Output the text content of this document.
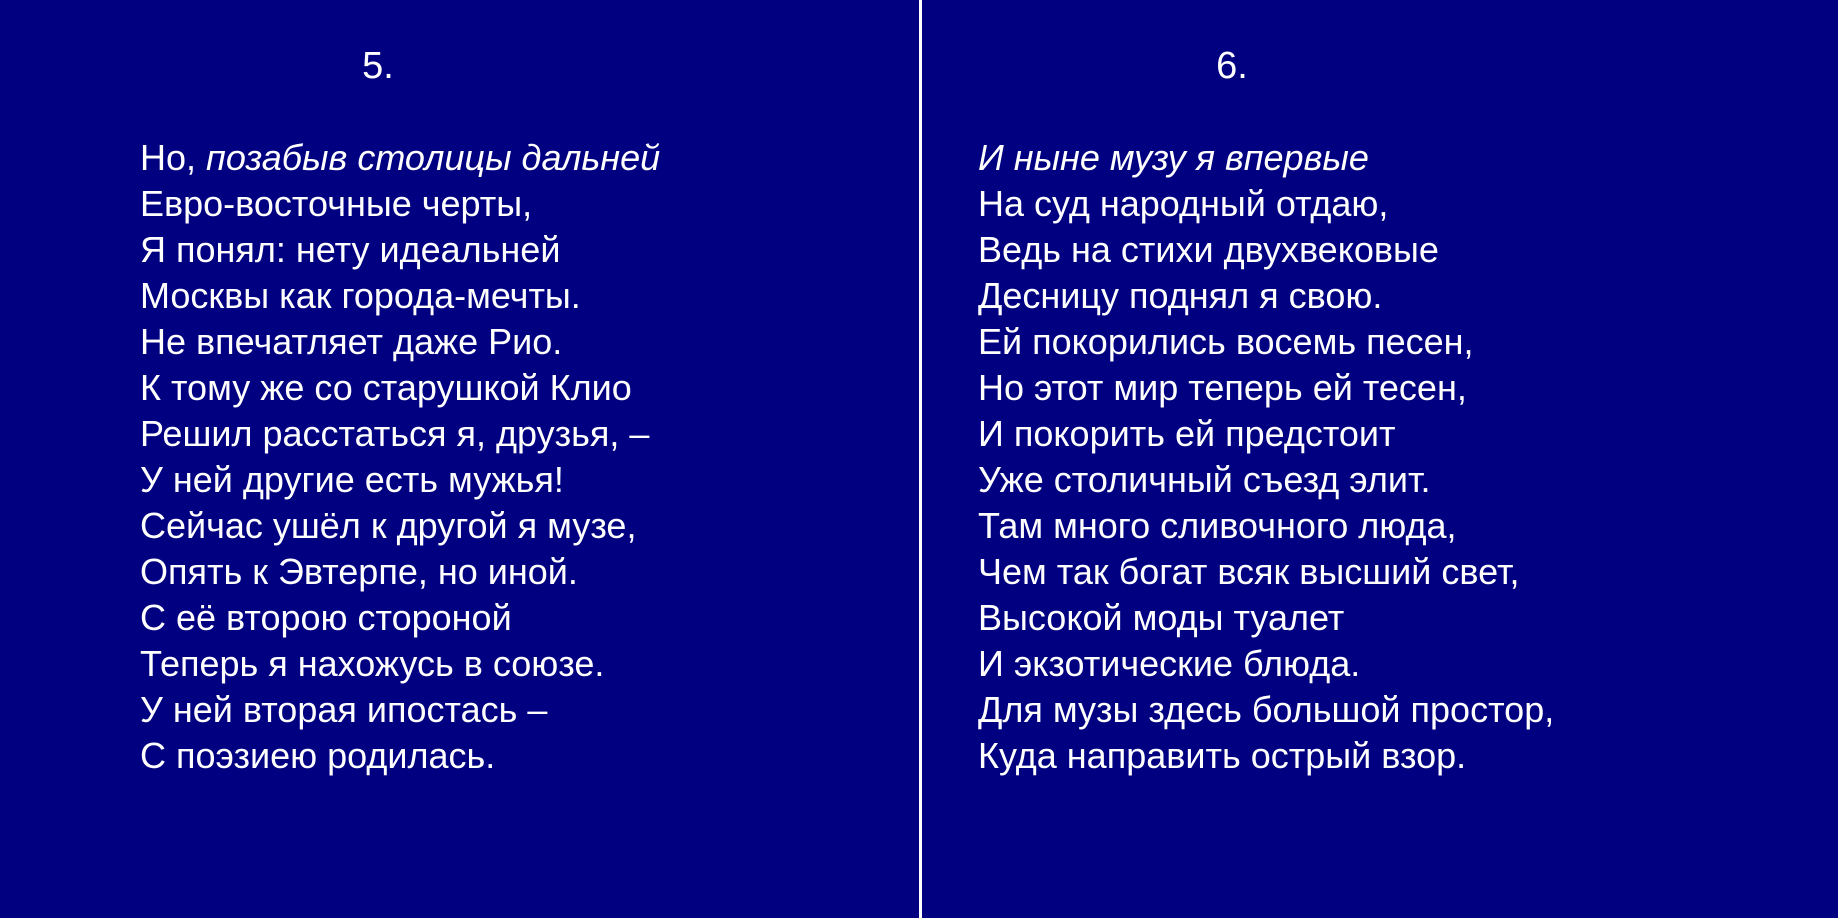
5.
Но, позабыв столицы дальней
Евро-восточные черты,
Я понял: нету идеальней
Москвы как города-мечты.
Не впечатляет даже Рио.
К тому же со старушкой Клио
Решил расстаться я, друзья, –
У ней другие есть мужья!
Сейчас ушёл к другой я музе,
Опять к Эвтерпе, но иной.
С её второю стороной
Теперь я нахожусь в союзе.
У ней вторая ипостась –
С поэзиею родилась.
6.
И ныне музу я впервые
На суд народный отдаю,
Ведь на стихи двухвековые
Десницу поднял я свою.
Ей покорились восемь песен,
Но этот мир теперь ей тесен,
И покорить ей предстоит
Уже столичный съезд элит.
Там много сливочного люда,
Чем так богат всяк высший свет,
Высокой моды туалет
И экзотические блюда.
Для музы здесь большой простор,
Куда направить острый взор.
